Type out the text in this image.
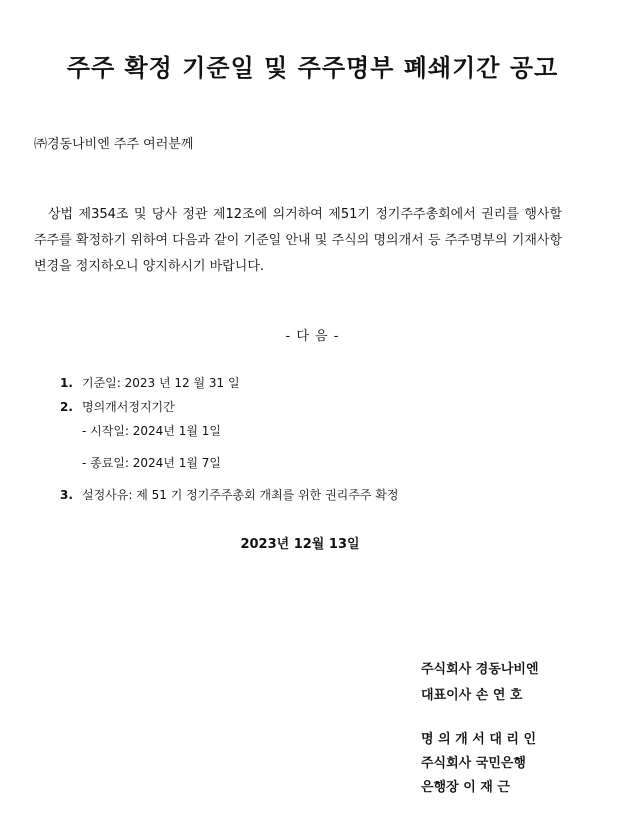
주주 확정 기준일 및 주주명부 폐쇄기간 공고
㈜경동나비엔 주주 여러분께
상법 제354조 및 당사 정관 제12조에 의거하여 제51기 정기주주총회에서 권리를 행사할 주주를 확정하기 위하여 다음과 같이 기준일 안내 및 주식의 명의개서 등 주주명부의 기재사항 변경을 정지하오니 양지하시기 바랍니다.
- 다 음 -
1. 기준일: 2023 년 12 월 31 일
2. 명의개서정지기간
- 시작일: 2024년 1월 1일
- 종료일: 2024년 1월 7일
3. 설정사유: 제 51 기 정기주주총회 개최를 위한 권리주주 확정
2023년 12월 13일
주식회사 경동나비엔
대표이사 손 연 호
명 의 개 서 대 리 인
주식회사 국민은행
은행장 이 재 근
